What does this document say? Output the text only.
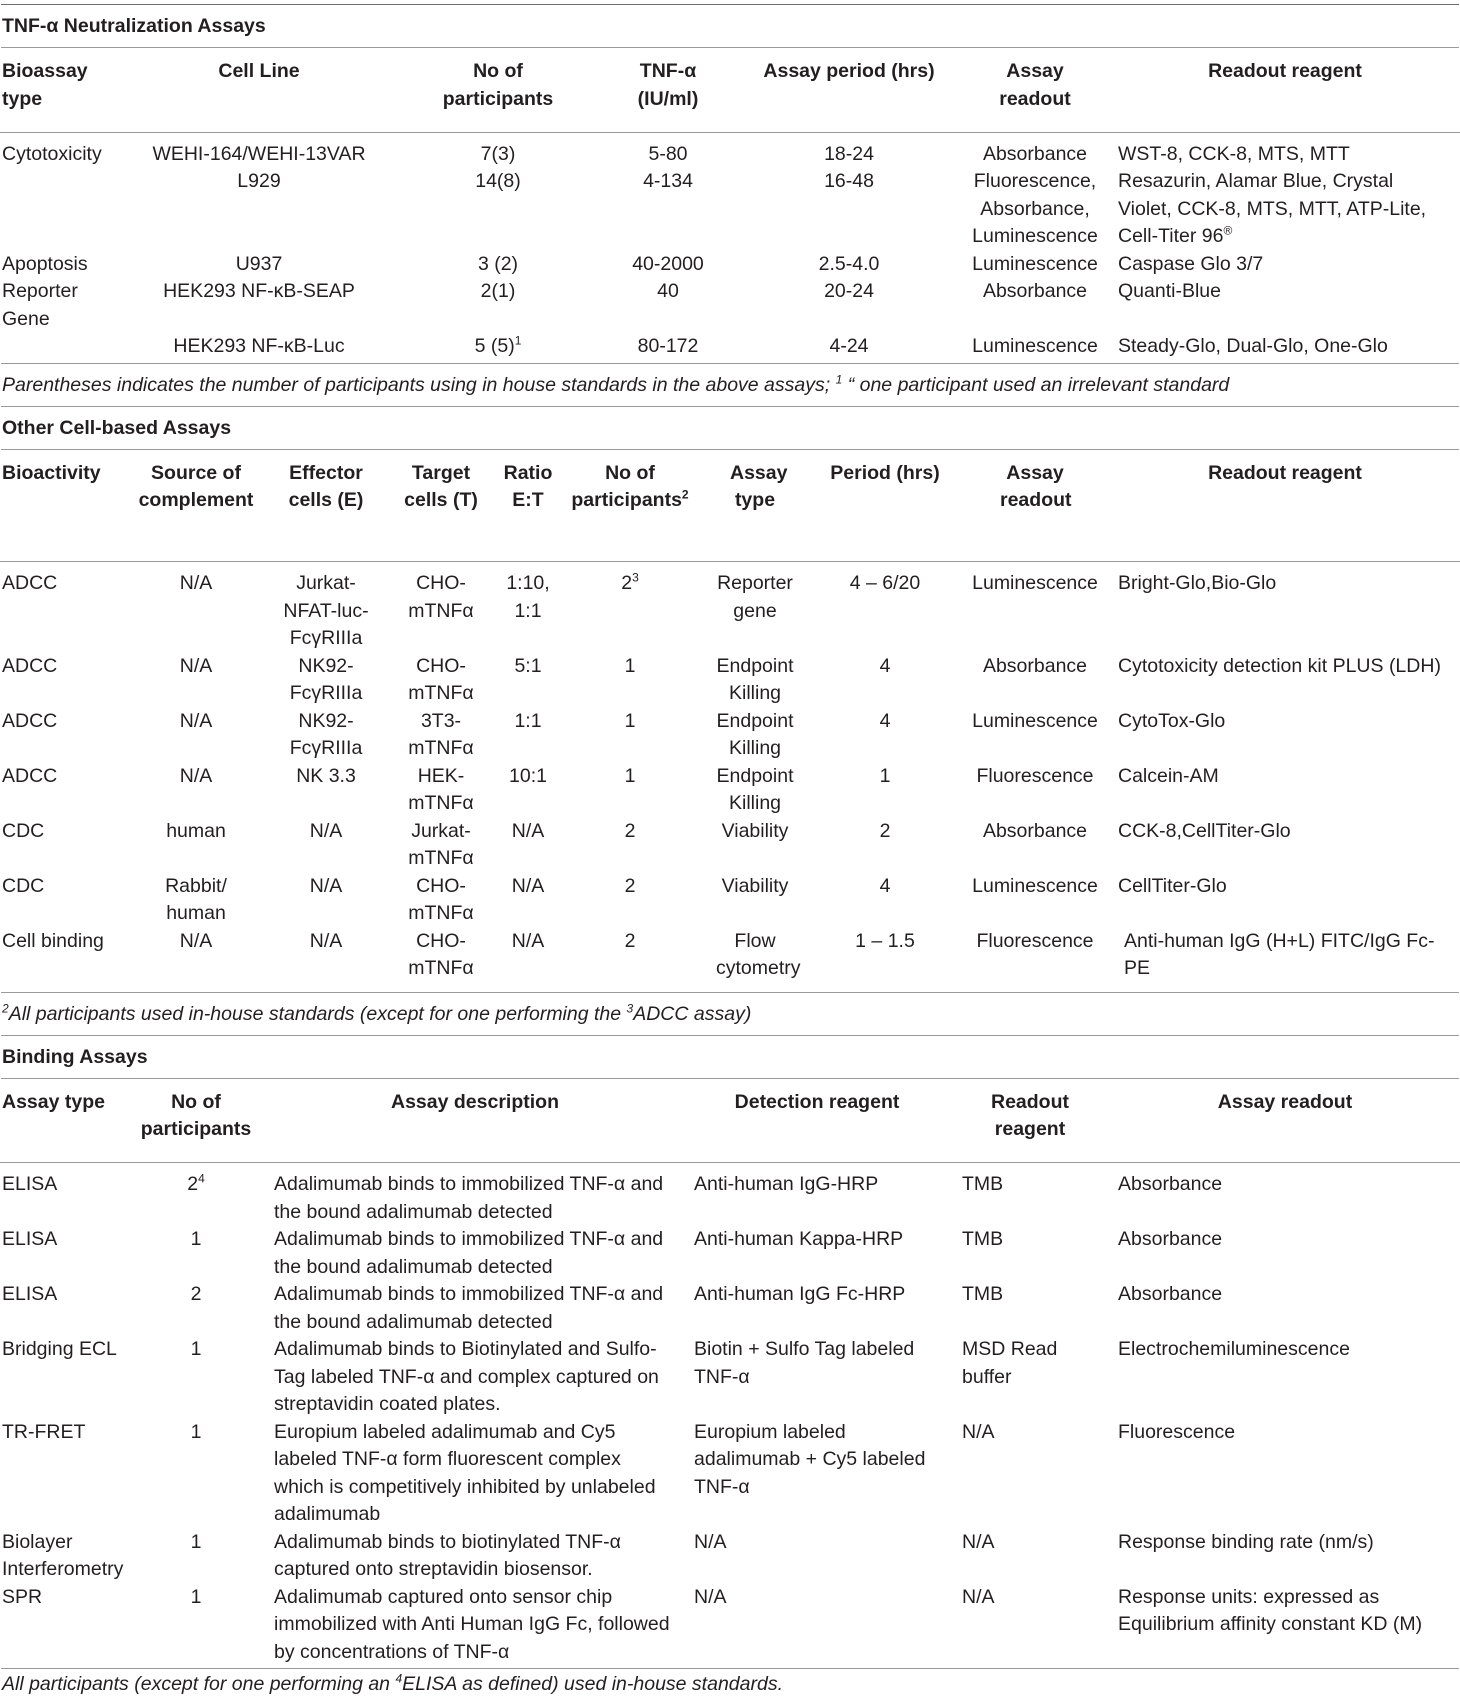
TNF-α Neutralization Assays
Bioassay type	Cell Line	No of participants	TNF-α (IU/ml)	Assay period (hrs)	Assay readout	Readout reagent

Cytotoxicity	WEHI-164/WEHI-13VAR	7(3)	5-80	18-24	Absorbance	WST-8, CCK-8, MTS, MTT
	L929	14(8)	4-134	16-48	Fluorescence, Absorbance, Luminescence	Resazurin, Alamar Blue, Crystal Violet, CCK-8, MTS, MTT, ATP-Lite, Cell-Titer 96®
Apoptosis	U937	3 (2)	40-2000	2.5-4.0	Luminescence	Caspase Glo 3/7
Reporter Gene	HEK293 NF-κB-SEAP	2(1)	40	20-24	Absorbance	Quanti-Blue
	HEK293 NF-κB-Luc	5 $(5)^1$	80-172	4-24	Luminescence	Steady-Glo, Dual-Glo, One-Glo
Parentheses indicates the number of participants using in house standards in the above assays; $^1$ “ one participant used an irrelevant standard
Other Cell-based Assays
Bioactivity	Source of complement	Effector cells (E)	Target cells (T)	Ratio E:T	No of participants$^2$	Assay type	Period (hrs)	Assay readout	Readout reagent

ADCC	N/A	Jurkat-NFAT-luc-FcγRIIIa	CHO-mTNFα	1:10, 1:1	$2^3$	Reporter gene	4 – 6/20	Luminescence	Bright-Glo,Bio-Glo
ADCC	N/A	NK92-FcγRIIIa	CHO-mTNFα	5:1	1	Endpoint Killing	4	Absorbance	Cytotoxicity detection kit PLUS (LDH)
ADCC	N/A	NK92-FcγRIIIa	3T3-mTNFα	1:1	1	Endpoint Killing	4	Luminescence	CytoTox-Glo
ADCC	N/A	NK 3.3	HEK-mTNFα	10:1	1	Endpoint Killing	1	Fluorescence	Calcein-AM
CDC	human	N/A	Jurkat-mTNFα	N/A	2	Viability	2	Absorbance	CCK-8,CellTiter-Glo
CDC	Rabbit/ human	N/A	CHO-mTNFα	N/A	2	Viability	4	Luminescence	CellTiter-Glo
Cell binding	N/A	N/A	CHO-mTNFα	N/A	2	Flow cytometry	1 – 1.5	Fluorescence	Anti-human IgG (H+L) FITC/IgG Fc-PE
$^2$All participants used in-house standards (except for one performing the $^3$ADCC assay)
Binding Assays
Assay type	No of participants	Assay description	Detection reagent	Readout reagent	Assay readout

ELISA	$2^4$	Adalimumab binds to immobilized TNF-α and the bound adalimumab detected	Anti-human IgG-HRP	TMB	Absorbance
ELISA	1	Adalimumab binds to immobilized TNF-α and the bound adalimumab detected	Anti-human Kappa-HRP	TMB	Absorbance
ELISA	2	Adalimumab binds to immobilized TNF-α and the bound adalimumab detected	Anti-human IgG Fc-HRP	TMB	Absorbance
Bridging ECL	1	Adalimumab binds to Biotinylated and Sulfo-Tag labeled TNF-α and complex captured on streptavidin coated plates.	Biotin + Sulfo Tag labeled TNF-α	MSD Read buffer	Electrochemiluminescence
TR-FRET	1	Europium labeled adalimumab and Cy5 labeled TNF-α form fluorescent complex which is competitively inhibited by unlabeled adalimumab	Europium labeled adalimumab + Cy5 labeled TNF-α	N/A	Fluorescence
Biolayer Interferometry	1	Adalimumab binds to biotinylated TNF-α captured onto streptavidin biosensor.	N/A	N/A	Response binding rate (nm/s)
SPR	1	Adalimumab captured onto sensor chip immobilized with Anti Human IgG Fc, followed by concentrations of TNF-α	N/A	N/A	Response units: expressed as Equilibrium affinity constant KD (M)
All participants (except for one performing an $^4$ELISA as defined) used in-house standards.
